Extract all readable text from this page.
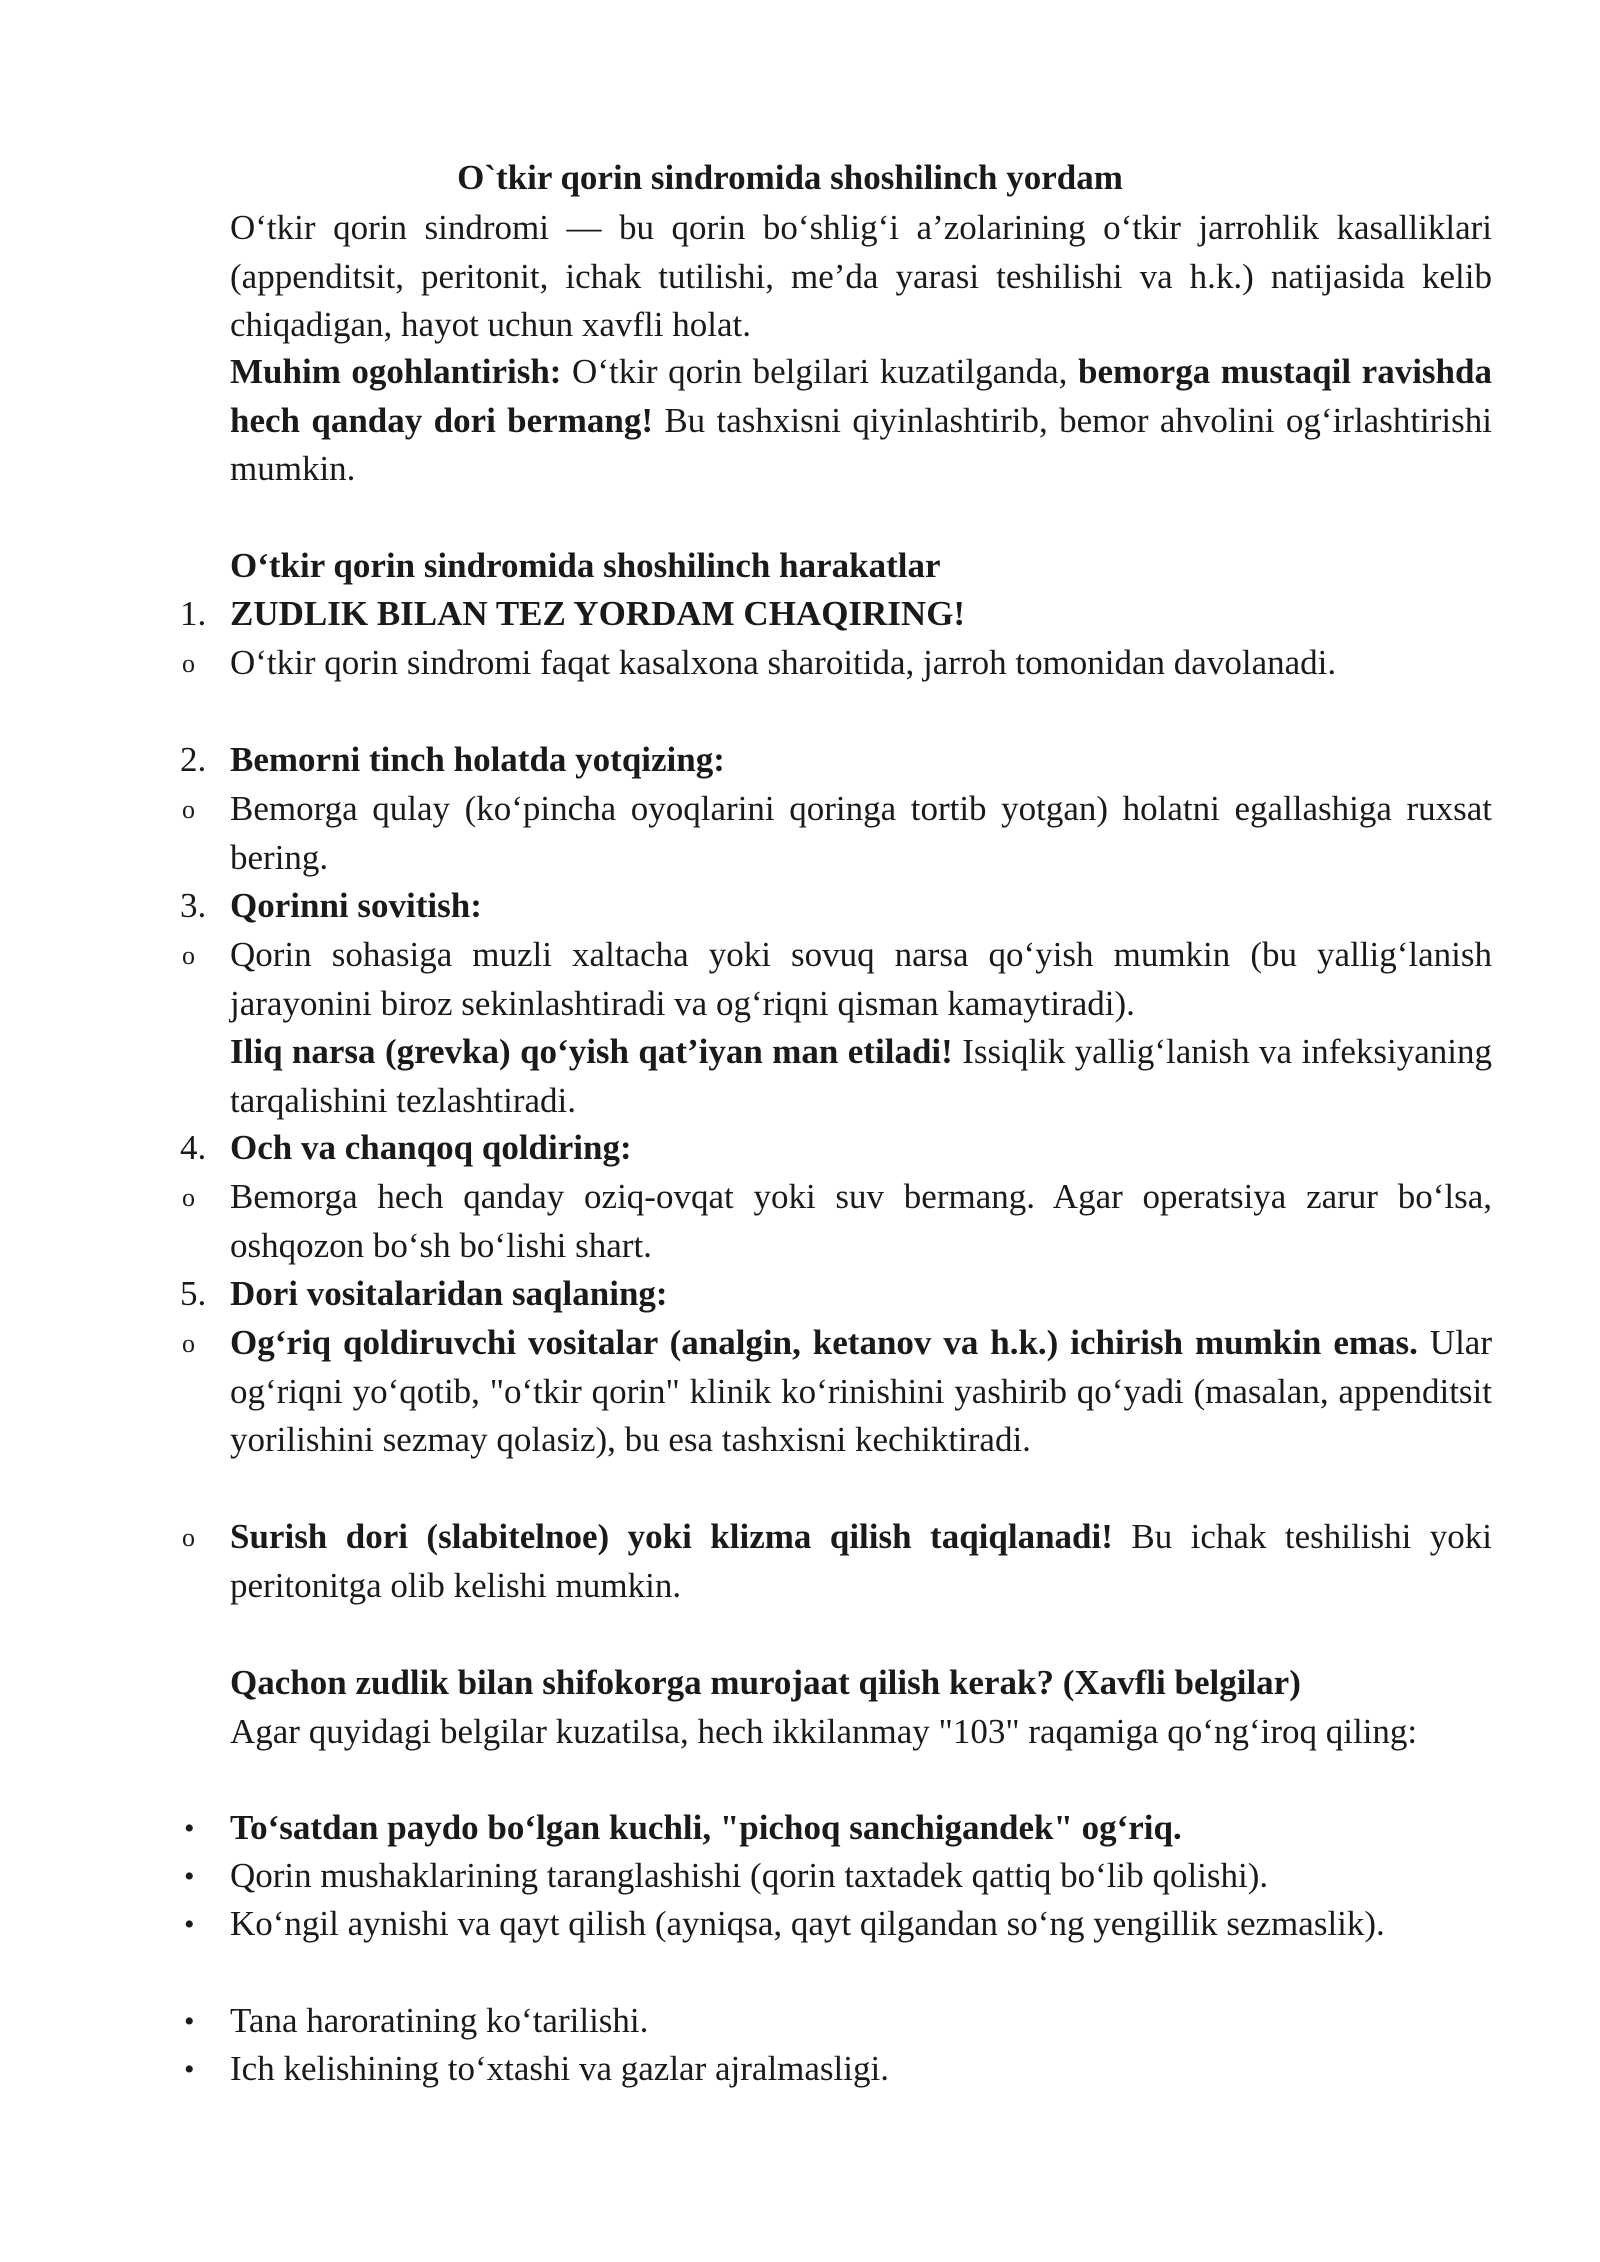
O`tkir qorin sindromida shoshilinch yordam
O‘tkir qorin sindromi — bu qorin bo‘shlig‘i a’zolarining o‘tkir jarrohlik kasalliklari (appenditsit, peritonit, ichak tutilishi, me’da yarasi teshilishi va h.k.) natijasida kelib chiqadigan, hayot uchun xavfli holat.
Muhim ogohlantirish: O‘tkir qorin belgilari kuzatilganda, bemorga mustaqil ravishda hech qanday dori bermang! Bu tashxisni qiyinlashtirib, bemor ahvolini og‘irlashtirishi mumkin.
O‘tkir qorin sindromida shoshilinch harakatlar
1. ZUDLIK BILAN TEZ YORDAM CHAQIRING!
o O‘tkir qorin sindromi faqat kasalxona sharoitida, jarroh tomonidan davolanadi.
2. Bemorni tinch holatda yotqizing:
o Bemorga qulay (ko‘pincha oyoqlarini qoringa tortib yotgan) holatni egallashiga ruxsat bering.
3. Qorinni sovitish:
o Qorin sohasiga muzli xaltacha yoki sovuq narsa qo‘yish mumkin (bu yallig‘lanish jarayonini biroz sekinlashtiradi va og‘riqni qisman kamaytiradi).
Iliq narsa (grevka) qo‘yish qat’iyan man etiladi! Issiqlik yallig‘lanish va infeksiyaning tarqalishini tezlashtiradi.
4. Och va chanqoq qoldiring:
o Bemorga hech qanday oziq-ovqat yoki suv bermang. Agar operatsiya zarur bo‘lsa, oshqozon bo‘sh bo‘lishi shart.
5. Dori vositalaridan saqlaning:
o Og‘riq qoldiruvchi vositalar (analgin, ketanov va h.k.) ichirish mumkin emas. Ular og‘riqni yo‘qotib, "o‘tkir qorin" klinik ko‘rinishini yashirib qo‘yadi (masalan, appenditsit yorilishini sezmay qolasiz), bu esa tashxisni kechiktiradi.
o Surish dori (slabitelnoe) yoki klizma qilish taqiqlanadi! Bu ichak teshilishi yoki peritonitga olib kelishi mumkin.
Qachon zudlik bilan shifokorga murojaat qilish kerak? (Xavfli belgilar)
Agar quyidagi belgilar kuzatilsa, hech ikkilanmay "103" raqamiga qo‘ng‘iroq qiling:
• To‘satdan paydo bo‘lgan kuchli, "pichoq sanchigandek" og‘riq.
• Qorin mushaklarining taranglashishi (qorin taxtadek qattiq bo‘lib qolishi).
• Ko‘ngil aynishi va qayt qilish (ayniqsa, qayt qilgandan so‘ng yengillik sezmaslik).
• Tana haroratining ko‘tarilishi.
• Ich kelishining to‘xtashi va gazlar ajralmasligi.
